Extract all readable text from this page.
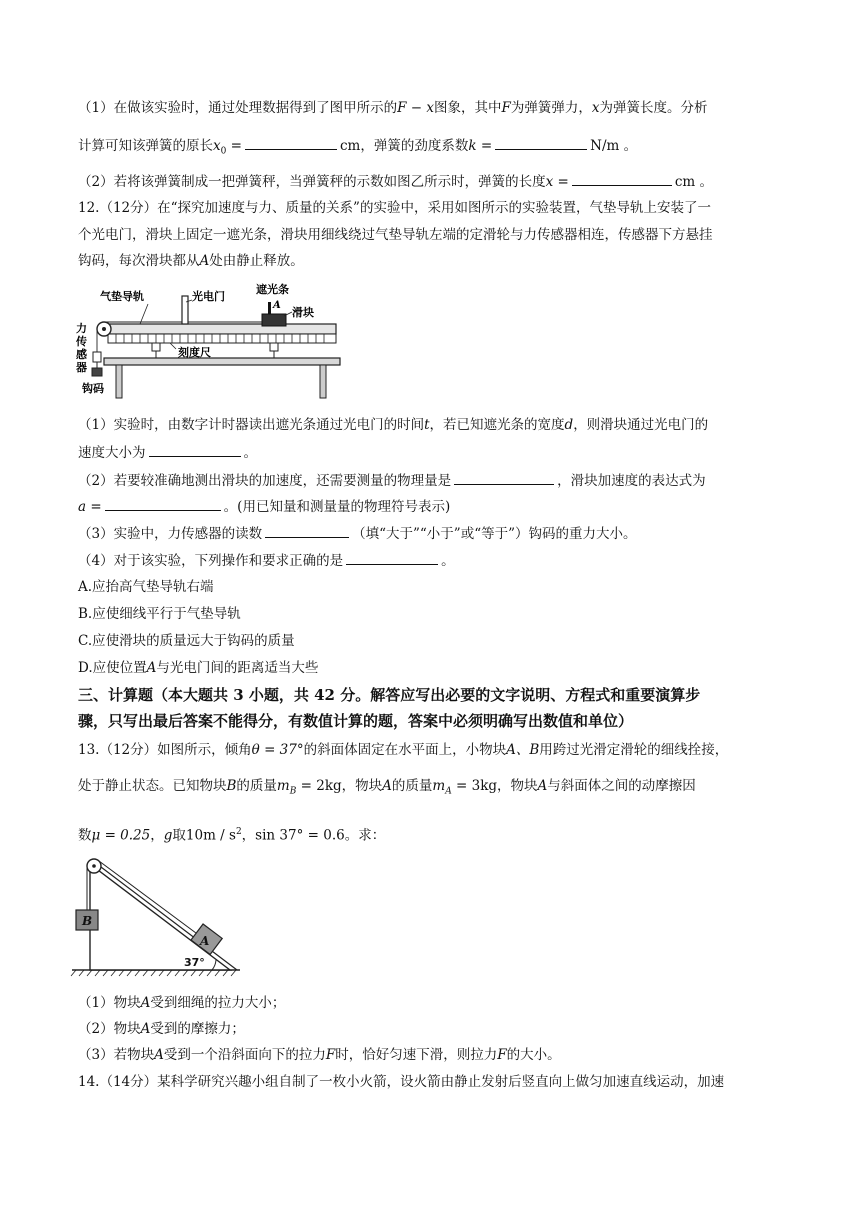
（1）在做该实验时，通过处理数据得到了图甲所示的F − x图象，其中F为弹簧弹力，x为弹簧长度。分析
计算可知该弹簧的原长$x_0$ =	cm，弹簧的劲度系数k =	N/m 。
（2）若将该弹簧制成一把弹簧秤，当弹簧秤的示数如图乙所示时，弹簧的长度x =	cm 。
12.（12分）在“探究加速度与力、质量的关系”的实验中，采用如图所示的实验装置，气垫导轨上安装了一
个光电门，滑块上固定一遮光条，滑块用细线绕过气垫导轨左端的定滑轮与力传感器相连，传感器下方悬挂
钩码，每次滑块都从A处由静止释放。
气垫导轨	光电门
遮光条
A
滑块
刻度尺
力
传
感
器
钩码
（1）实验时，由数字计时器读出遮光条通过光电门的时间t，若已知遮光条的宽度d，则滑块通过光电门的
速度大小为	。
（2）若要较准确地测出滑块的加速度，还需要测量的物理量是	，滑块加速度的表达式为
a =	。(用已知量和测量量的物理符号表示)
（3）实验中，力传感器的读数	（填“大于”“小于”或“等于”）钩码的重力大小。
（4）对于该实验，下列操作和要求正确的是	。
A.应抬高气垫导轨右端
B.应使细线平行于气垫导轨
C.应使滑块的质量远大于钩码的质量
D.应使位置A与光电门间的距离适当大些
三、计算题（本大题共 3 小题，共 42 分。解答应写出必要的文字说明、方程式和重要演算步
骤，只写出最后答案不能得分，有数值计算的题，答案中必须明确写出数值和单位）
13.（12分）如图所示，倾角θ = 37°的斜面体固定在水平面上，小物块A、B用跨过光滑定滑轮的细线拴接，
处于静止状态。已知物块B的质量$m_B = 2kg$，物块A的质量$m_A = 3kg$，物块A与斜面体之间的动摩擦因
数μ = 0.25，g取$10m / s^2$，sin 37° = 0.6。求：
B
A
37°
（1）物块A受到细绳的拉力大小；
（2）物块A受到的摩擦力；
（3）若物块A受到一个沿斜面向下的拉力F时，恰好匀速下滑，则拉力F的大小。
14.（14分）某科学研究兴趣小组自制了一枚小火箭，设火箭由静止发射后竖直向上做匀加速直线运动，加速
